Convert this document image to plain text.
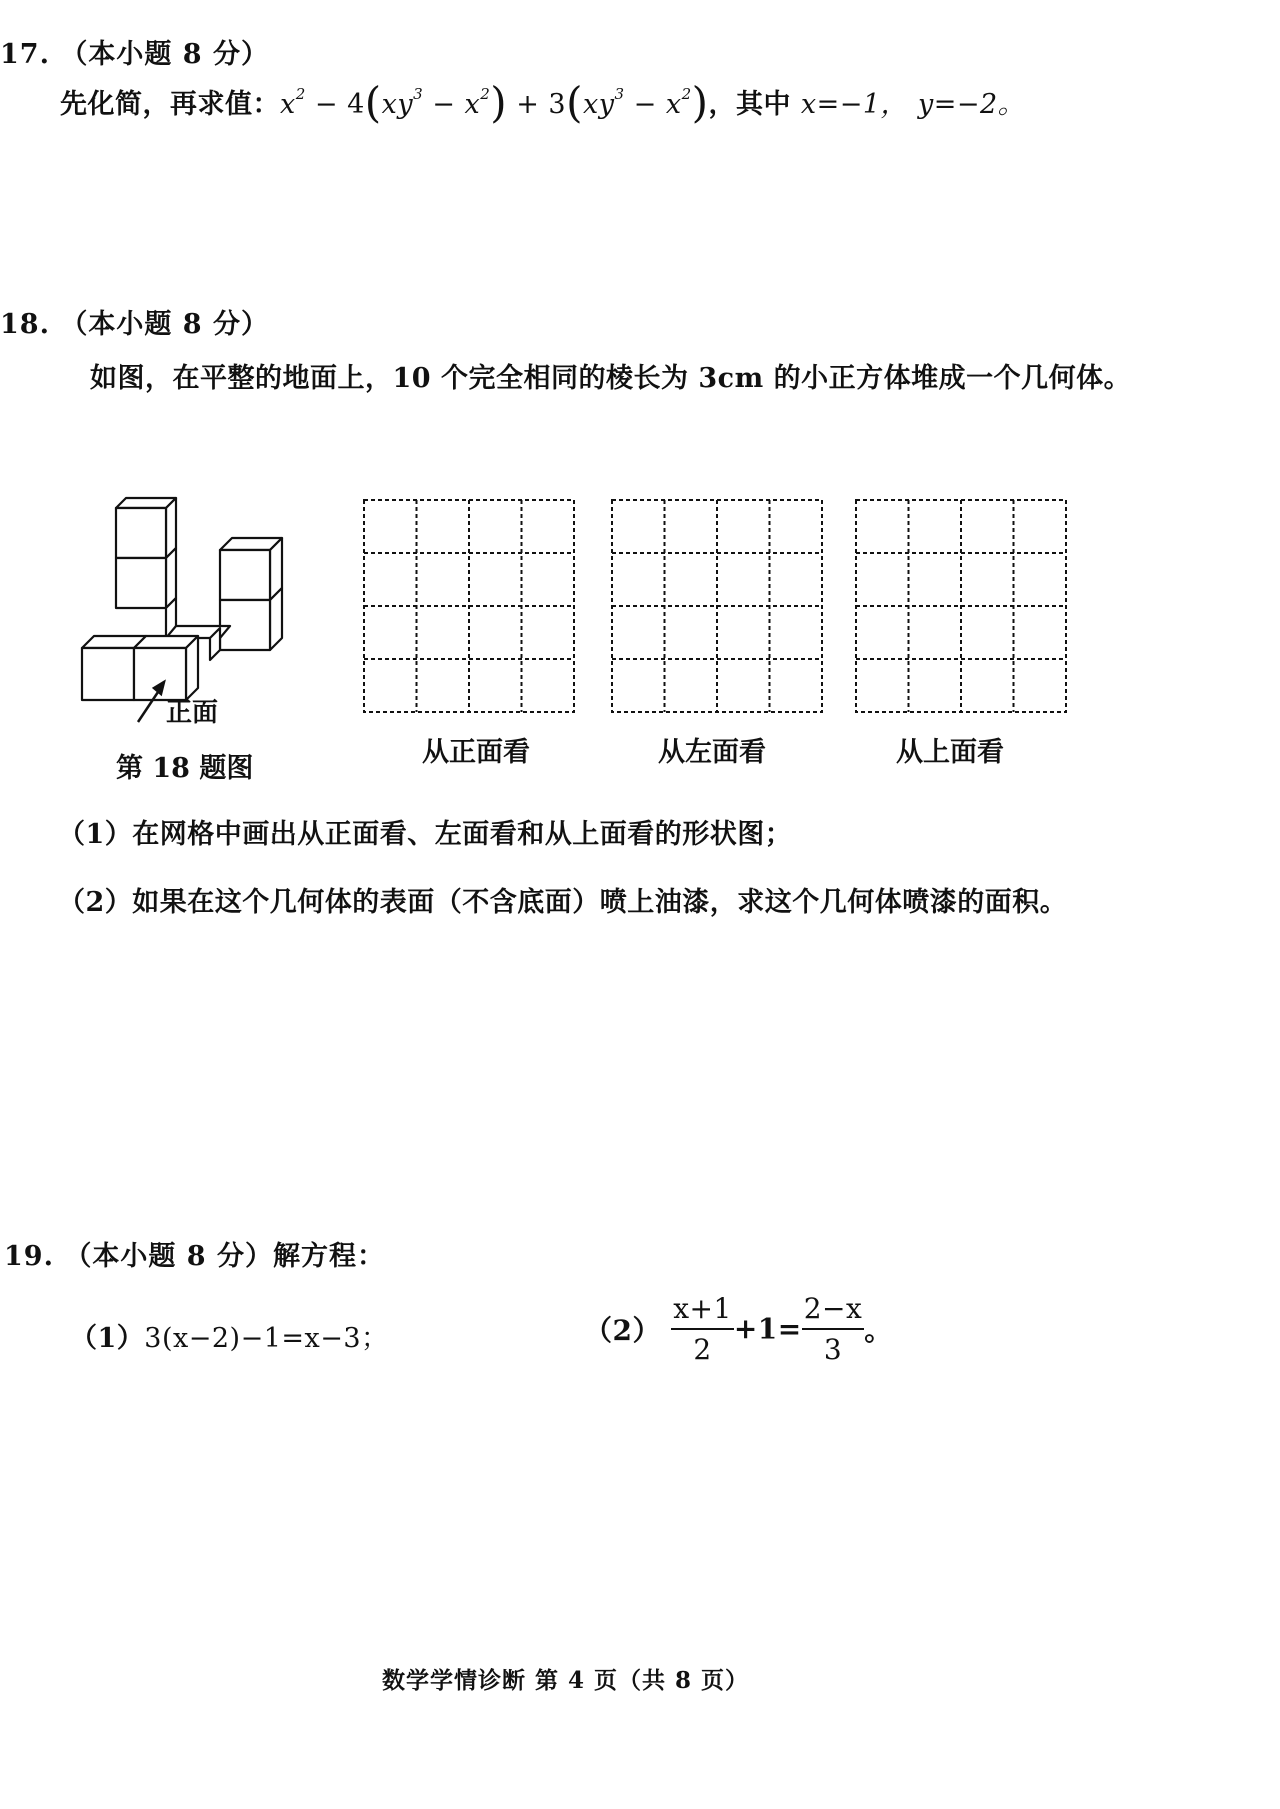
17. （本小题 8 分）
先化简，再求值：$x^2 - 4(xy^3 - x^2) + 3(xy^3 - x^2)$，其中 x=−1， y=−2。
18. （本小题 8 分）
如图，在平整的地面上，10 个完全相同的棱长为 3cm 的小正方体堆成一个几何体。
正面
第 18 题图
从正面看	从左面看	从上面看
（1）在网格中画出从正面看、左面看和从上面看的形状图；
（2）如果在这个几何体的表面（不含底面）喷上油漆，求这个几何体喷漆的面积。
19. （本小题 8 分）解方程：
（1）3(x−2)−1=x−3；	$(2) \frac{x+1}{2} +1= \frac{2-x}{3}$ 。
数学学情诊断 第 4 页（共 8 页）
